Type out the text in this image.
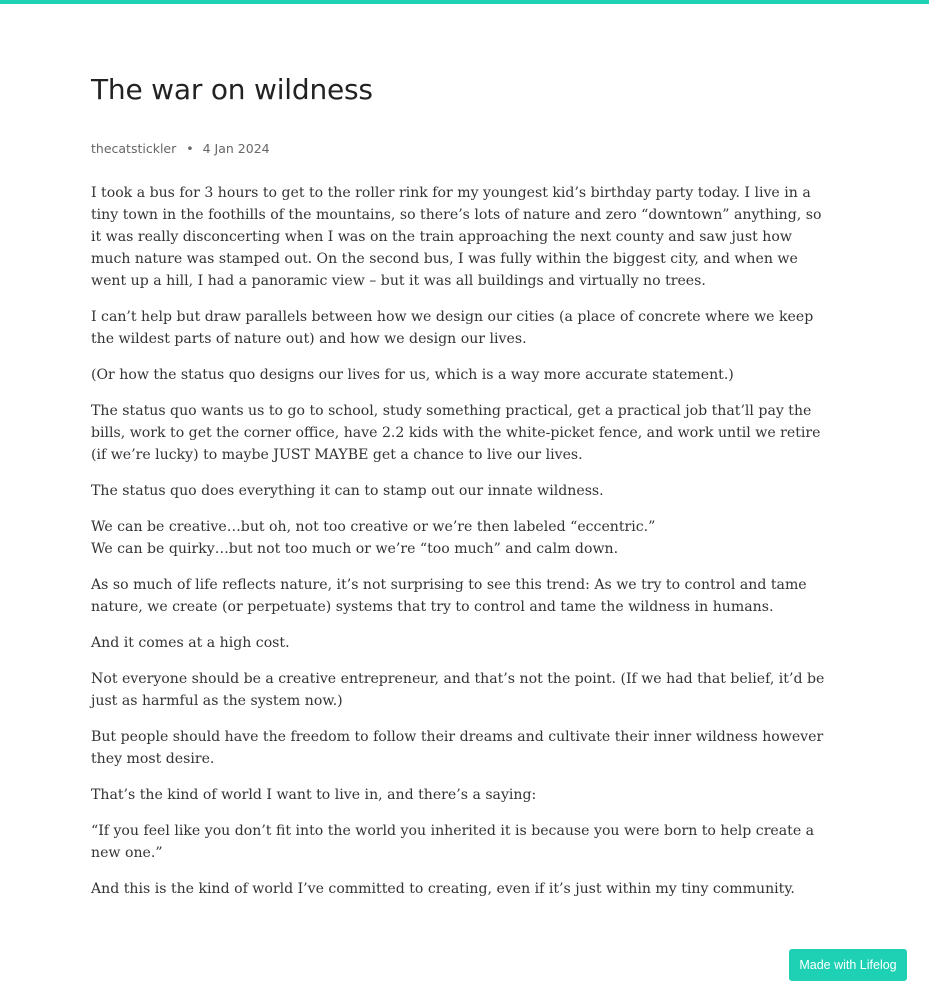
The war on wildness
thecatstickler • 4 Jan 2024

I took a bus for 3 hours to get to the roller rink for my youngest kid’s birthday party today. I live in a tiny town in the foothills of the mountains, so there’s lots of nature and zero “downtown” anything, so it was really disconcerting when I was on the train approaching the next county and saw just how much nature was stamped out. On the second bus, I was fully within the biggest city, and when we went up a hill, I had a panoramic view – but it was all buildings and virtually no trees.

I can’t help but draw parallels between how we design our cities (a place of concrete where we keep the wildest parts of nature out) and how we design our lives.

(Or how the status quo designs our lives for us, which is a way more accurate statement.)

The status quo wants us to go to school, study something practical, get a practical job that’ll pay the bills, work to get the corner office, have 2.2 kids with the white-picket fence, and work until we retire (if we’re lucky) to maybe JUST MAYBE get a chance to live our lives.

The status quo does everything it can to stamp out our innate wildness.

We can be creative…but oh, not too creative or we’re then labeled “eccentric.”
We can be quirky…but not too much or we’re “too much” and calm down.

As so much of life reflects nature, it’s not surprising to see this trend: As we try to control and tame nature, we create (or perpetuate) systems that try to control and tame the wildness in humans.

And it comes at a high cost.

Not everyone should be a creative entrepreneur, and that’s not the point. (If we had that belief, it’d be just as harmful as the system now.)

But people should have the freedom to follow their dreams and cultivate their inner wildness however they most desire.

That’s the kind of world I want to live in, and there’s a saying:

“If you feel like you don’t fit into the world you inherited it is because you were born to help create a new one.”

And this is the kind of world I’ve committed to creating, even if it’s just within my tiny community.

Made with Lifelog
